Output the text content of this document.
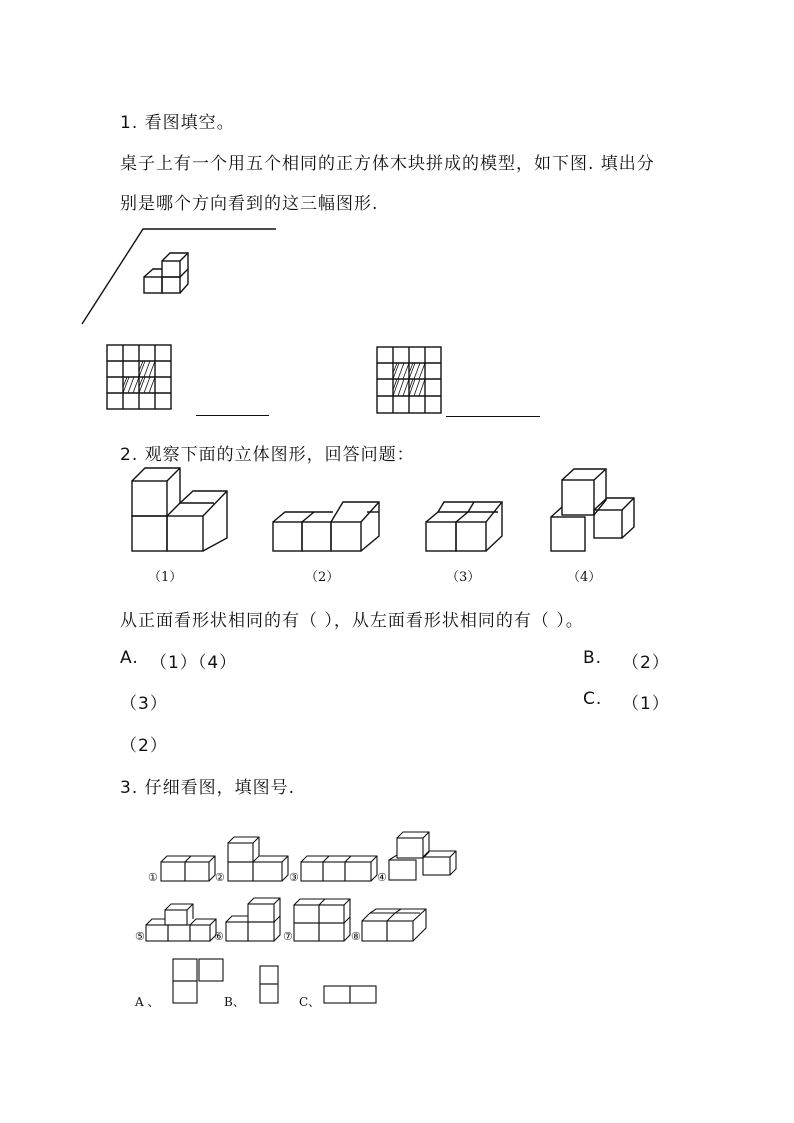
1. 看图填空。
桌子上有一个用五个相同的正方体木块拼成的模型，如下图. 填出分
别是哪个方向看到的这三幅图形.
2. 观察下面的立体图形，回答问题：
（1）	（2）	（3）	（4）
从正面看形状相同的有（ ），从左面看形状相同的有（ ）。
A. （1）（4）	B. （2）
（3）	C. （1）
（2）
3. 仔细看图，填图号.
①	②	③	④
⑤	⑥	⑦	⑧
A 、	B、	C、
